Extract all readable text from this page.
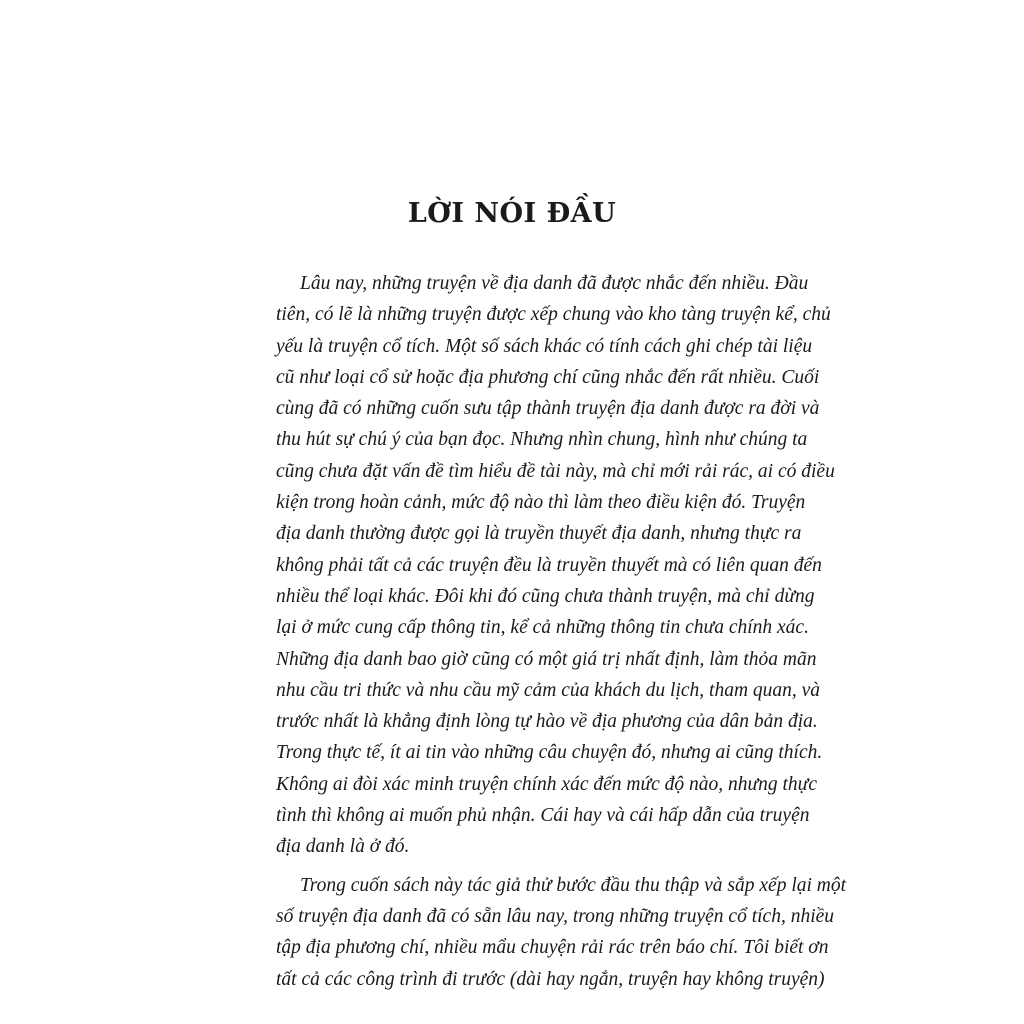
LỜI NÓI ĐẦU
Lâu nay, những truyện về địa danh đã được nhắc đến nhiều. Đầu
tiên, có lẽ là những truyện được xếp chung vào kho tàng truyện kể, chủ
yếu là truyện cổ tích. Một số sách khác có tính cách ghi chép tài liệu
cũ như loại cổ sử hoặc địa phương chí cũng nhắc đến rất nhiều. Cuối
cùng đã có những cuốn sưu tập thành truyện địa danh được ra đời và
thu hút sự chú ý của bạn đọc. Nhưng nhìn chung, hình như chúng ta
cũng chưa đặt vấn đề tìm hiểu đề tài này, mà chỉ mới rải rác, ai có điều
kiện trong hoàn cảnh, mức độ nào thì làm theo điều kiện đó. Truyện
địa danh thường được gọi là truyền thuyết địa danh, nhưng thực ra
không phải tất cả các truyện đều là truyền thuyết mà có liên quan đến
nhiều thể loại khác. Đôi khi đó cũng chưa thành truyện, mà chỉ dừng
lại ở mức cung cấp thông tin, kể cả những thông tin chưa chính xác.
Những địa danh bao giờ cũng có một giá trị nhất định, làm thỏa mãn
nhu cầu tri thức và nhu cầu mỹ cảm của khách du lịch, tham quan, và
trước nhất là khẳng định lòng tự hào về địa phương của dân bản địa.
Trong thực tế, ít ai tin vào những câu chuyện đó, nhưng ai cũng thích.
Không ai đòi xác minh truyện chính xác đến mức độ nào, nhưng thực
tình thì không ai muốn phủ nhận. Cái hay và cái hấp dẫn của truyện
địa danh là ở đó.
Trong cuốn sách này tác giả thử bước đầu thu thập và sắp xếp lại một
số truyện địa danh đã có sẵn lâu nay, trong những truyện cổ tích, nhiều
tập địa phương chí, nhiều mẩu chuyện rải rác trên báo chí. Tôi biết ơn
tất cả các công trình đi trước (dài hay ngắn, truyện hay không truyện)
